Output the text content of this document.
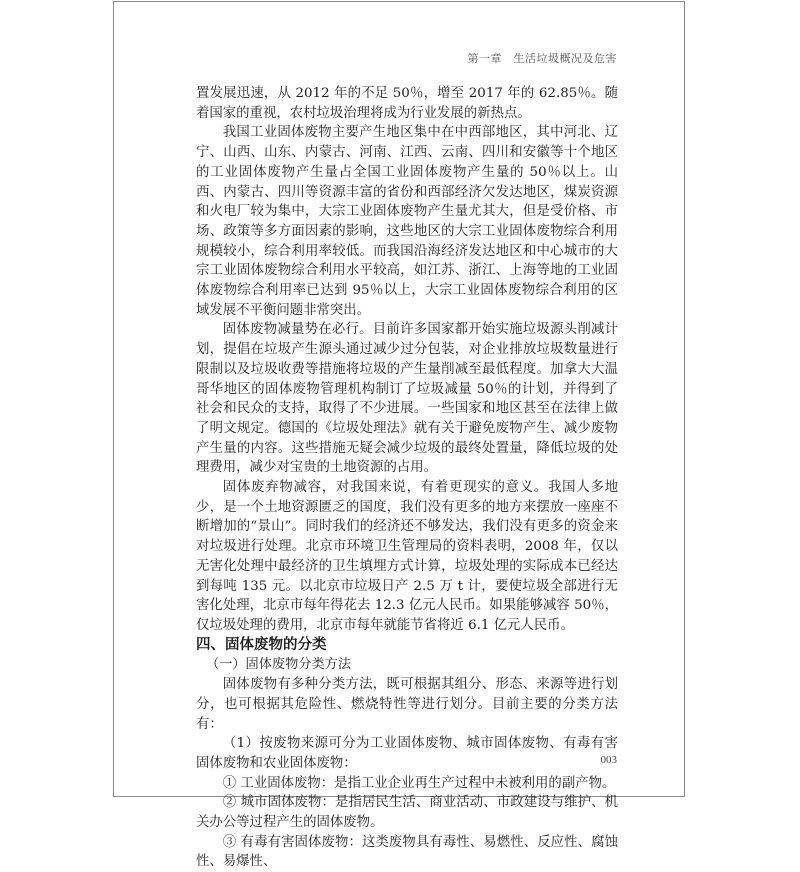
第一章　生活垃圾概况及危害

置发展迅速，从 2012 年的不足 50％，增至 2017 年的 62.85％。随着国家的重视，农村垃圾治理将成为行业发展的新热点。

我国工业固体废物主要产生地区集中在中西部地区，其中河北、辽宁、山西、山东、内蒙古、河南、江西、云南、四川和安徽等十个地区的工业固体废物产生量占全国工业固体废物产生量的 50％以上。山西、内蒙古、四川等资源丰富的省份和西部经济欠发达地区，煤炭资源和火电厂较为集中，大宗工业固体废物产生量尤其大，但是受价格、市场、政策等多方面因素的影响，这些地区的大宗工业固体废物综合利用规模较小，综合利用率较低。而我国沿海经济发达地区和中心城市的大宗工业固体废物综合利用水平较高，如江苏、浙江、上海等地的工业固体废物综合利用率已达到 95％以上，大宗工业固体废物综合利用的区域发展不平衡问题非常突出。

固体废物减量势在必行。目前许多国家都开始实施垃圾源头削减计划，提倡在垃圾产生源头通过减少过分包装，对企业排放垃圾数量进行限制以及垃圾收费等措施将垃圾的产生量削减至最低程度。加拿大大温哥华地区的固体废物管理机构制订了垃圾减量 50％的计划，并得到了社会和民众的支持，取得了不少进展。一些国家和地区甚至在法律上做了明文规定。德国的《垃圾处理法》就有关于避免废物产生、减少废物产生量的内容。这些措施无疑会减少垃圾的最终处置量，降低垃圾的处理费用，减少对宝贵的土地资源的占用。

固体废弃物减容，对我国来说，有着更现实的意义。我国人多地少，是一个土地资源匮乏的国度，我们没有更多的地方来摆放一座座不断增加的“景山”。同时我们的经济还不够发达，我们没有更多的资金来对垃圾进行处理。北京市环境卫生管理局的资料表明，2008 年，仅以无害化处理中最经济的卫生填埋方式计算，垃圾处理的实际成本已经达到每吨 135 元。以北京市垃圾日产 2.5 万 t 计，要使垃圾全部进行无害化处理，北京市每年得花去 12.3 亿元人民币。如果能够减容 50％，仅垃圾处理的费用，北京市每年就能节省将近 6.1 亿元人民币。

四、固体废物的分类

（一）固体废物分类方法

固体废物有多种分类方法，既可根据其组分、形态、来源等进行划分，也可根据其危险性、燃烧特性等进行划分。目前主要的分类方法有：

（1）按废物来源可分为工业固体废物、城市固体废物、有毒有害固体废物和农业固体废物：

① 工业固体废物：是指工业企业再生产过程中未被利用的副产物。

② 城市固体废物：是指居民生活、商业活动、市政建设与维护、机关办公等过程产生的固体废物。

③ 有毒有害固体废物：这类废物具有毒性、易燃性、反应性、腐蚀性、易爆性、

003
